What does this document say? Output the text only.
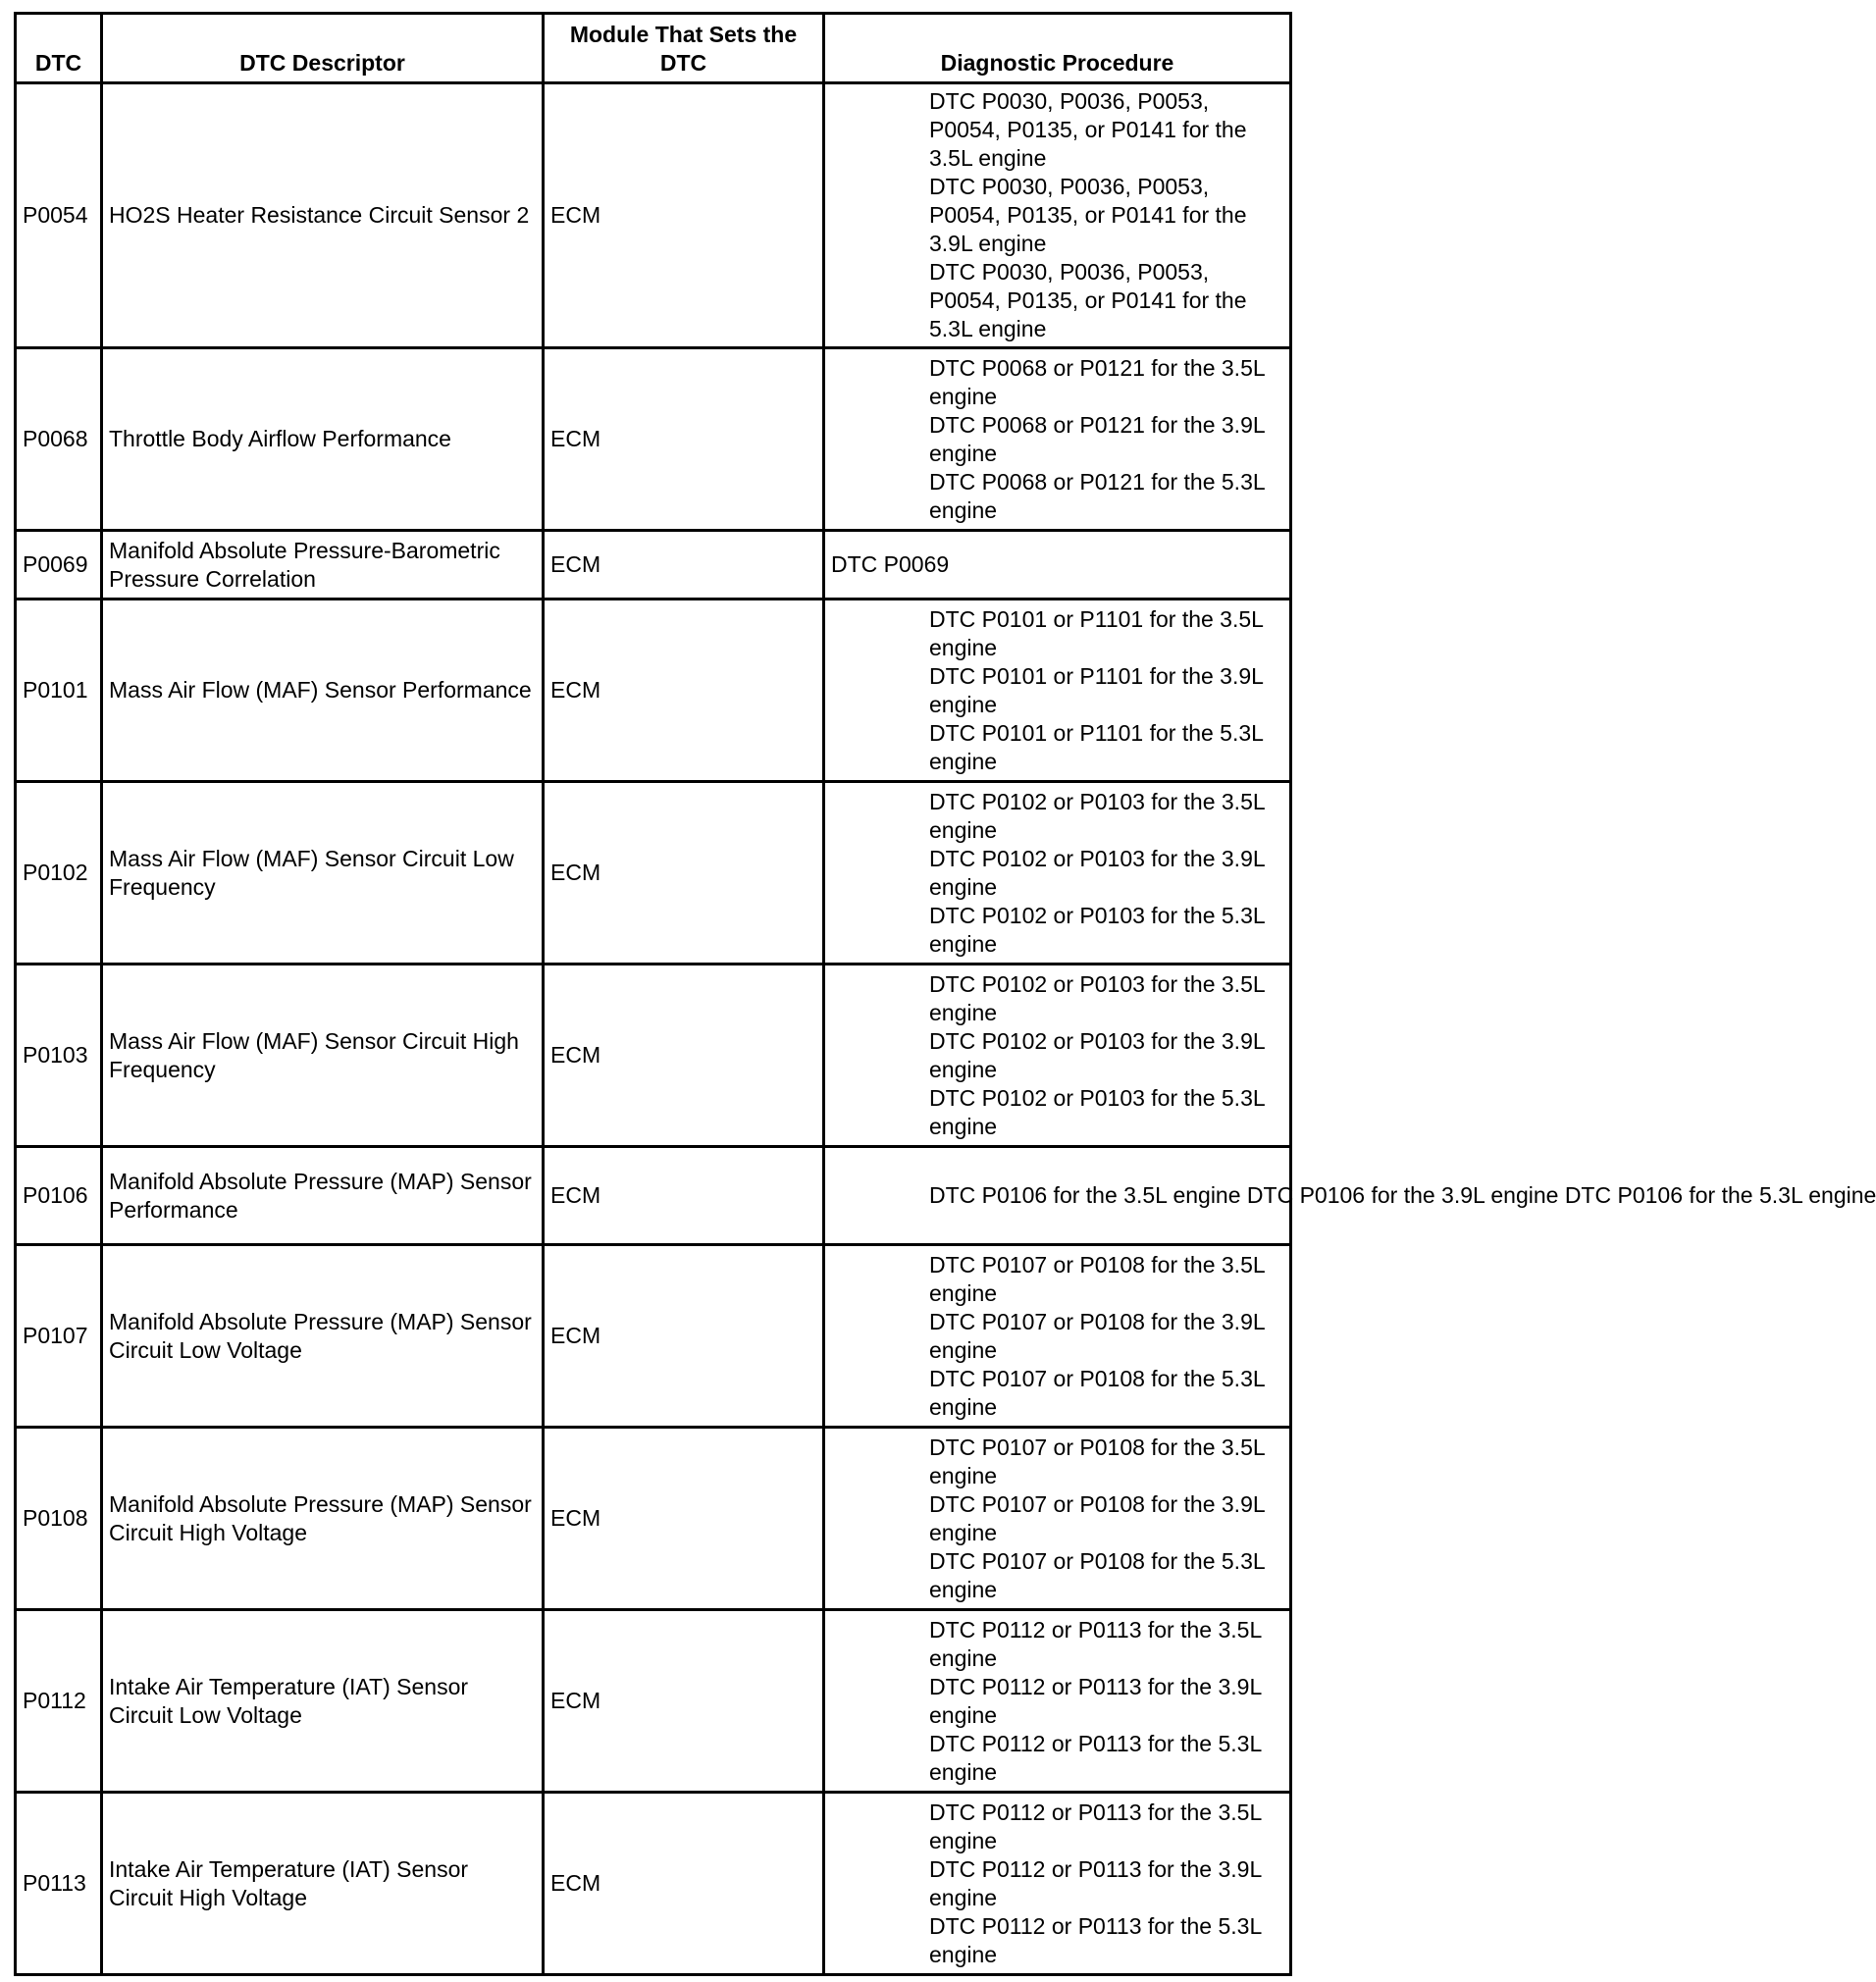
DTC	DTC Descriptor	Module That Sets the DTC	Diagnostic Procedure
P0054	HO2S Heater Resistance Circuit Sensor 2	ECM	DTC P0030, P0036, P0053, P0054, P0135, or P0141 for the 3.5L engine
DTC P0030, P0036, P0053, P0054, P0135, or P0141 for the 3.9L engine
DTC P0030, P0036, P0053, P0054, P0135, or P0141 for the 5.3L engine

P0068	Throttle Body Airflow Performance	ECM	DTC P0068 or P0121 for the 3.5L engine
DTC P0068 or P0121 for the 3.9L engine
DTC P0068 or P0121 for the 5.3L engine

P0069	Manifold Absolute Pressure-Barometric Pressure Correlation	ECM	DTC P0069

P0101	Mass Air Flow (MAF) Sensor Performance	ECM	DTC P0101 or P1101 for the 3.5L engine
DTC P0101 or P1101 for the 3.9L engine
DTC P0101 or P1101 for the 5.3L engine

P0102	Mass Air Flow (MAF) Sensor Circuit Low Frequency	ECM	DTC P0102 or P0103 for the 3.5L engine
DTC P0102 or P0103 for the 3.9L engine
DTC P0102 or P0103 for the 5.3L engine

P0103	Mass Air Flow (MAF) Sensor Circuit High Frequency	ECM	DTC P0102 or P0103 for the 3.5L engine
DTC P0102 or P0103 for the 3.9L engine
DTC P0102 or P0103 for the 5.3L engine

P0106	Manifold Absolute Pressure (MAP) Sensor Performance	ECM	DTC P0106 for the 3.5L engine DTC P0106 for the 3.9L engine DTC P0106 for the 5.3L engine

P0107	Manifold Absolute Pressure (MAP) Sensor Circuit Low Voltage	ECM	DTC P0107 or P0108 for the 3.5L engine
DTC P0107 or P0108 for the 3.9L engine
DTC P0107 or P0108 for the 5.3L engine

P0108	Manifold Absolute Pressure (MAP) Sensor Circuit High Voltage	ECM	DTC P0107 or P0108 for the 3.5L engine
DTC P0107 or P0108 for the 3.9L engine
DTC P0107 or P0108 for the 5.3L engine

P0112	Intake Air Temperature (IAT) Sensor Circuit Low Voltage	ECM	DTC P0112 or P0113 for the 3.5L engine
DTC P0112 or P0113 for the 3.9L engine
DTC P0112 or P0113 for the 5.3L engine

P0113	Intake Air Temperature (IAT) Sensor Circuit High Voltage	ECM	DTC P0112 or P0113 for the 3.5L engine
DTC P0112 or P0113 for the 3.9L engine
DTC P0112 or P0113 for the 5.3L engine
